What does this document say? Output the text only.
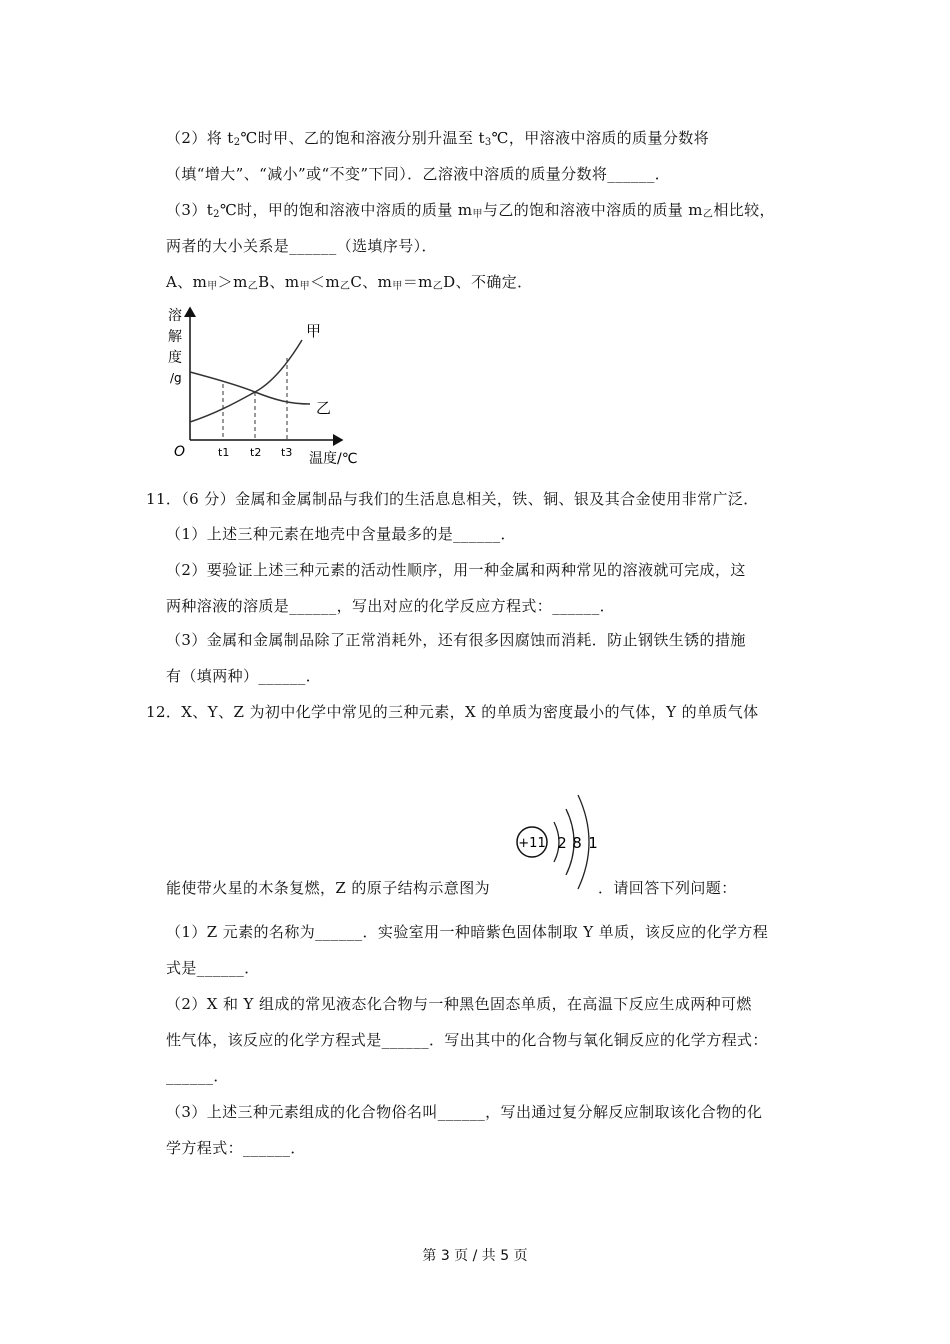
（2）将 $t_2℃$时甲、乙的饱和溶液分别升温至 $t_3℃$，甲溶液中溶质的质量分数将
（填“增大”、“减小”或“不变”下同）．乙溶液中溶质的质量分数将______．
$(3)t_2℃$时，甲的饱和溶液中溶质的质量 $m_甲$与乙的饱和溶液中溶质的质量 $m_乙$相比较，
两者的大小关系是______（选填序号）．
A、$m_甲>m_乙B$、$m_甲<m_乙C$、$m_甲=m_乙D$、不确定．
溶
解
度
/g
O	t1 t2 t3 温度/℃
甲
乙
11．（6 分）金属和金属制品与我们的生活息息相关，铁、铜、银及其合金使用非常广泛．
（1）上述三种元素在地壳中含量最多的是______．
（2）要验证上述三种元素的活动性顺序，用一种金属和两种常见的溶液就可完成，这
两种溶液的溶质是______，写出对应的化学反应方程式：______．
（3）金属和金属制品除了正常消耗外，还有很多因腐蚀而消耗．防止钢铁生锈的措施
有（填两种）______．
12．X、Y、Z 为初中化学中常见的三种元素，X 的单质为密度最小的气体，Y 的单质气体
+11 2 8 1
能使带火星的木条复燃，Z 的原子结构示意图为	．请回答下列问题：
（1）Z 元素的名称为______．实验室用一种暗紫色固体制取 Y 单质，该反应的化学方程
式是______．
（2）X 和 Y 组成的常见液态化合物与一种黑色固态单质，在高温下反应生成两种可燃
性气体，该反应的化学方程式是______．写出其中的化合物与氧化铜反应的化学方程式：
______．
（3）上述三种元素组成的化合物俗名叫______，写出通过复分解反应制取该化合物的化
学方程式：______．
第 3 页 / 共 5 页
